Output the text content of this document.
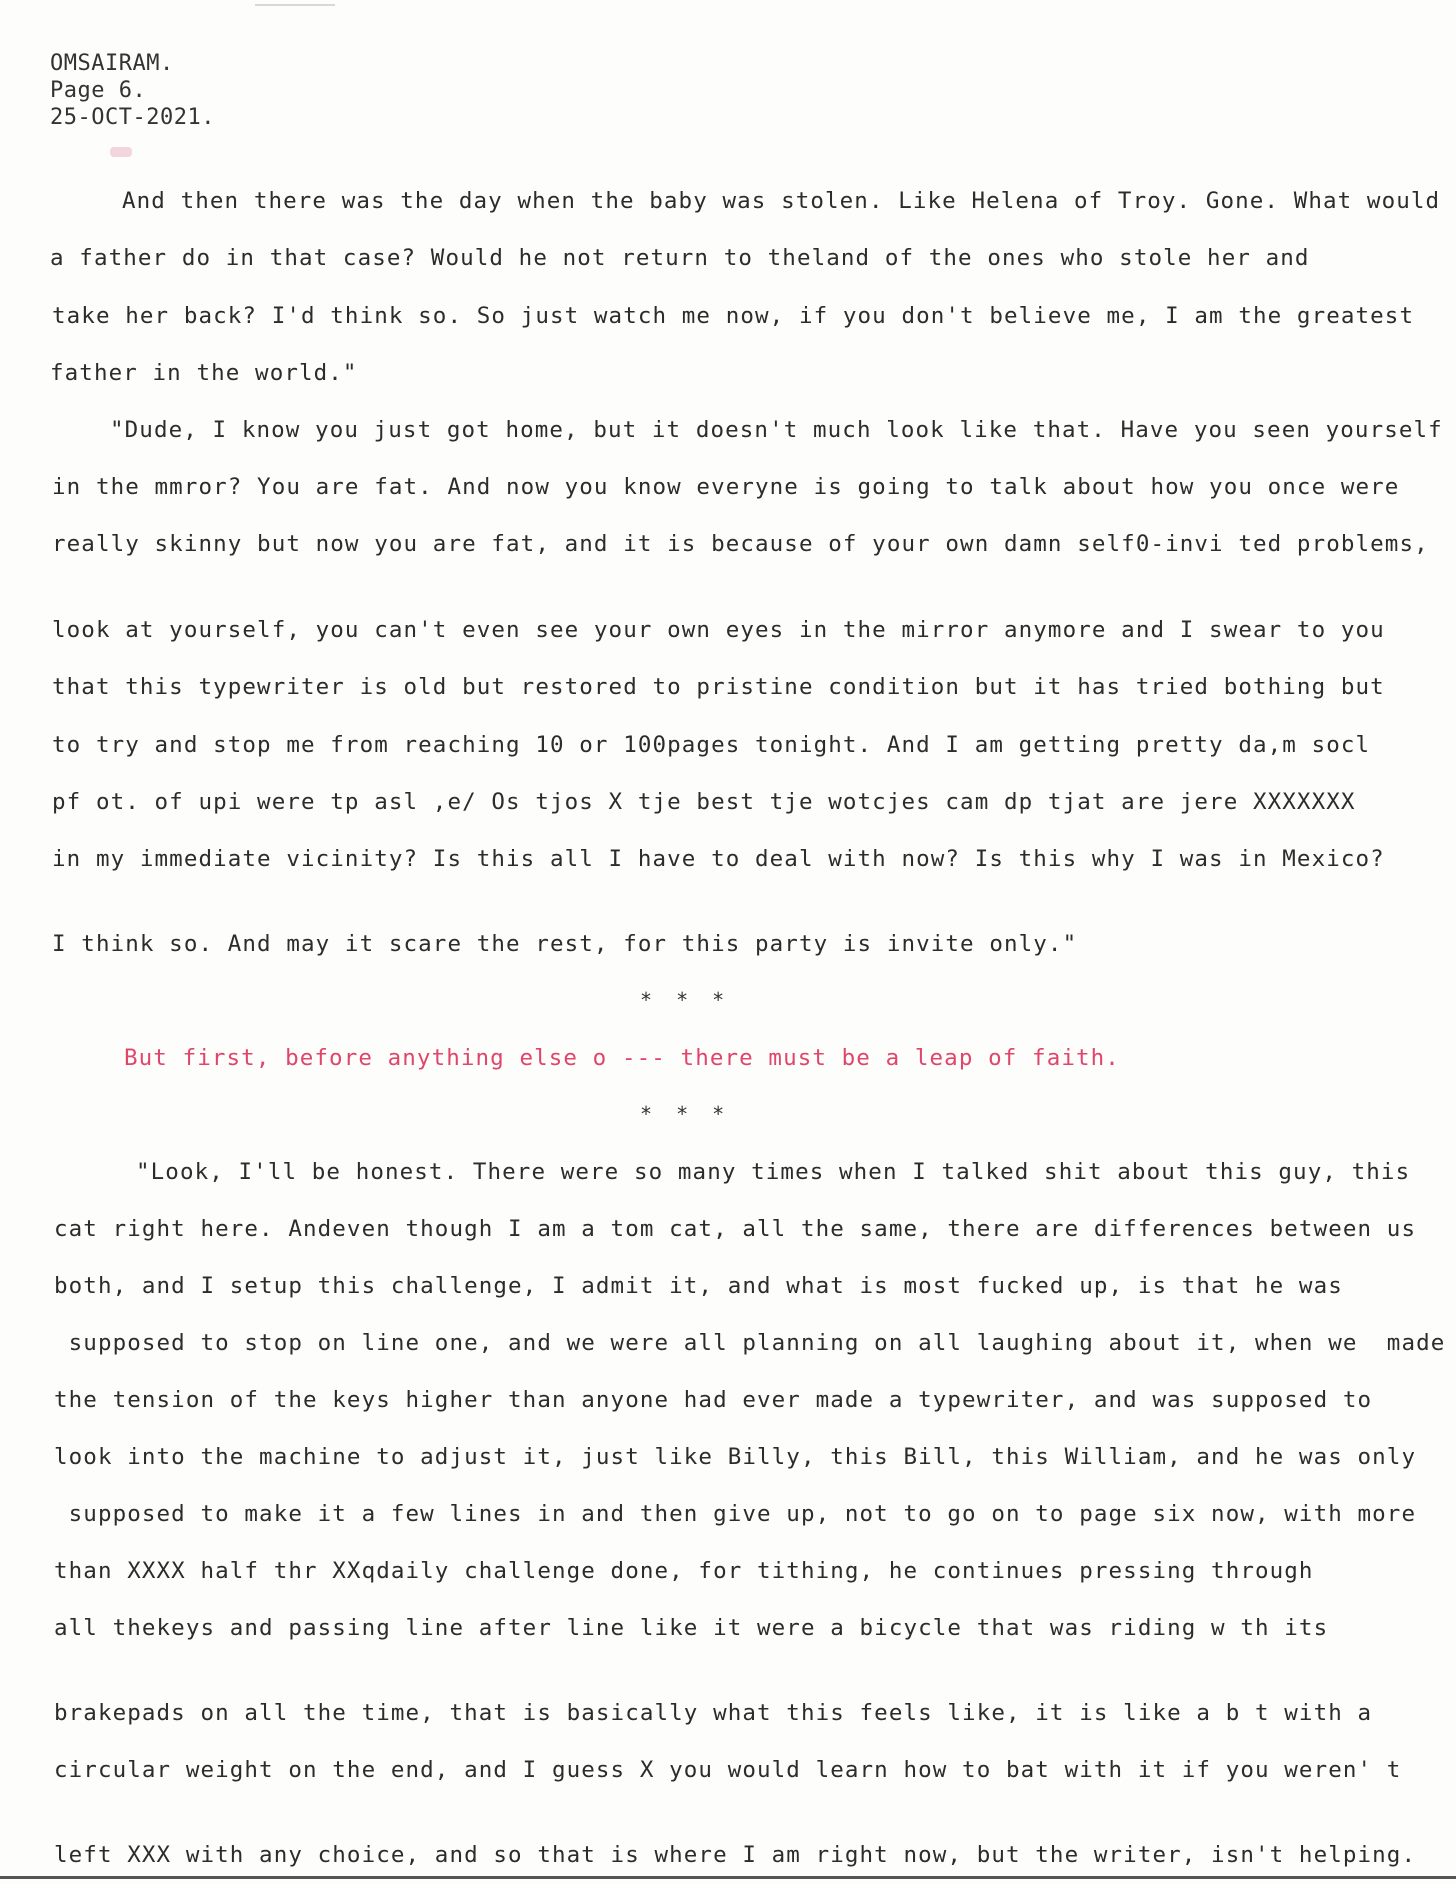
OMSAIRAM.
Page 6.
25-OCT-2021.
And then there was the day when the baby was stolen. Like Helena of Troy. Gone. What would
a father do in that case? Would he not return to theland of the ones who stole her and
take her back? I'd think so. So just watch me now, if you don't believe me, I am the greatest
father in the world."
"Dude, I know you just got home, but it doesn't much look like that. Have you seen yourself
in the mmror? You are fat. And now you know everyne is going to talk about how you once were
really skinny but now you are fat, and it is because of your own damn self0-invi ted problems,
look at yourself, you can't even see your own eyes in the mirror anymore and I swear to you
that this typewriter is old but restored to pristine condition but it has tried bothing but
to try and stop me from reaching 10 or 100pages tonight. And I am getting pretty da,m socl
pf ot. of upi were tp asl ,e/ Os tjos X tje best tje wotcjes cam dp tjat are jere XXXXXXX
in my immediate vicinity? Is this all I have to deal with now? Is this why I was in Mexico?
I think so. And may it scare the rest, for this party is invite only."
* * *
But first, before anything else o --- there must be a leap of faith.
* * *
"Look, I'll be honest. There were so many times when I talked shit about this guy, this
cat right here. Andeven though I am a tom cat, all the same, there are differences between us
both, and I setup this challenge, I admit it, and what is most fucked up, is that he was
supposed to stop on line one, and we were all planning on all laughing about it, when we  made
the tension of the keys higher than anyone had ever made a typewriter, and was supposed to
look into the machine to adjust it, just like Billy, this Bill, this William, and he was only
supposed to make it a few lines in and then give up, not to go on to page six now, with more
than XXXX half thr XXqdaily challenge done, for tithing, he continues pressing through
all thekeys and passing line after line like it were a bicycle that was riding w th its
brakepads on all the time, that is basically what this feels like, it is like a b t with a
circular weight on the end, and I guess X you would learn how to bat with it if you weren' t
left XXX with any choice, and so that is where I am right now, but the writer, isn't helping.
